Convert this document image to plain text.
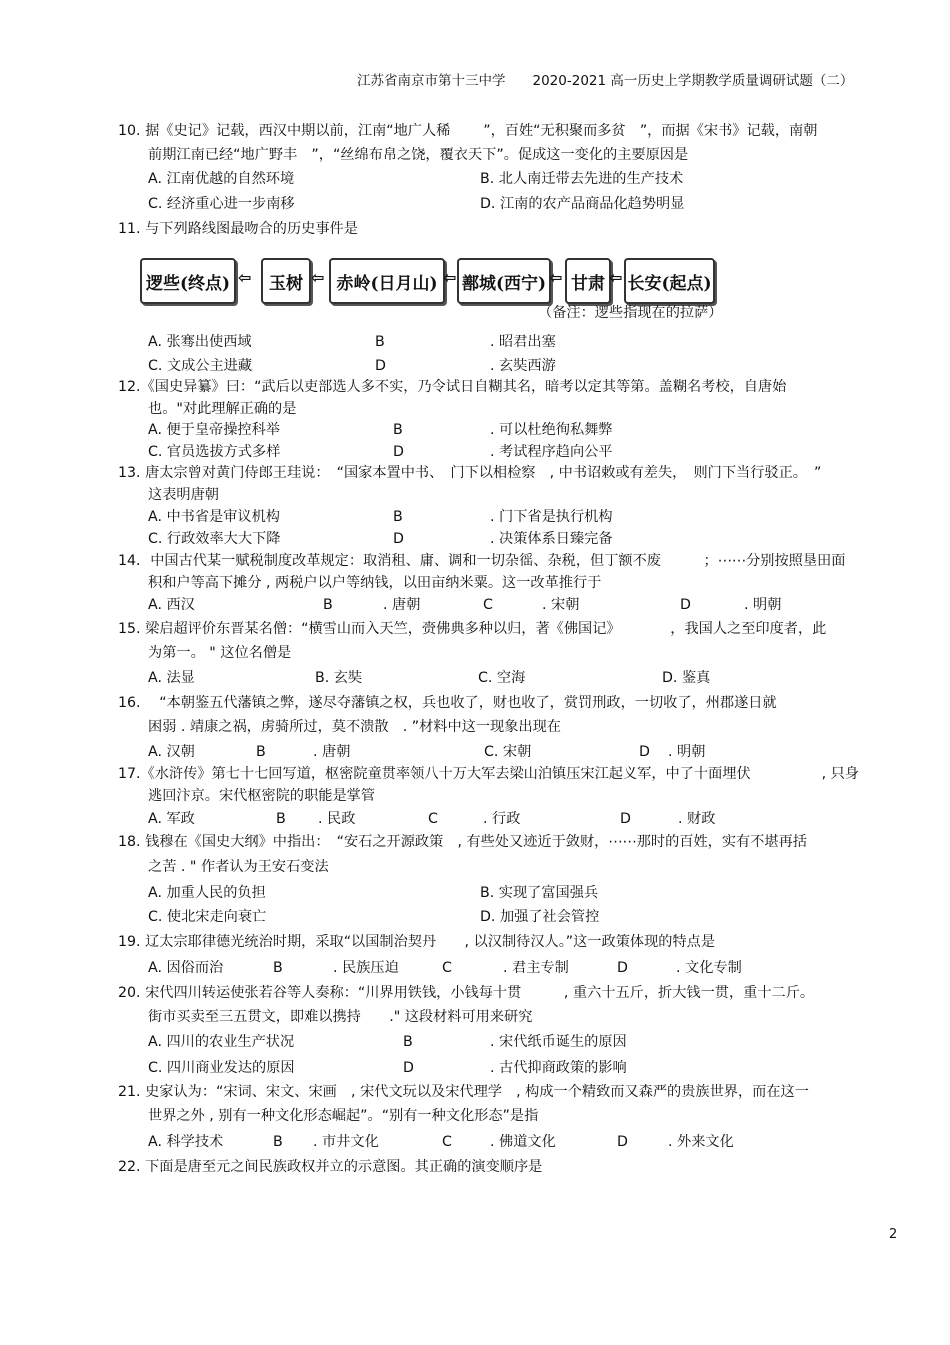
江苏省南京市第十三中学　　2020-2021 高一历史上学期教学质量调研试题（二）
10. 据《史记》记载，西汉中期以前，江南“地广人稀　　 ”，百姓“无积聚而多贫　”，而据《宋书》记载，南朝
前期江南已经“地广野丰　”，“丝绵布帛之饶，覆衣天下”。促成这一变化的主要原因是
A. 江南优越的自然环境	B. 北人南迁带去先进的生产技术
C. 经济重心进一步南移	D. 江南的农产品商品化趋势明显
11. 与下列路线图最吻合的历史事件是
逻些(终点) ⇦	玉树 ⇦ 赤岭(日月山) ⇦ 鄯城(西宁) ⇦ 甘肃 ⇦ 长安(起点)
（备注：逻些指现在的拉萨）
A. 张骞出使西域	B	. 昭君出塞
C. 文成公主进藏	D	. 玄奘西游
12.《国史异纂》曰：“武后以吏部选人多不实，乃令试日自糊其名，暗考以定其等第。盖糊名考校，自唐始
也。"对此理解正确的是
A. 便于皇帝操控科举	B	. 可以杜绝徇私舞弊
C. 官员选拔方式多样	D	. 考试程序趋向公平
13. 唐太宗曾对黄门侍郎王珪说：　“国家本置中书、　门下以相检察　, 中书诏敕或有差失，　则门下当行驳正。　”
这表明唐朝
A. 中书省是审议机构	B	. 门下省是执行机构
C. 行政效率大大下降	D	. 决策体系日臻完备
14．中国古代某一赋税制度改革规定：取消租、庸、调和一切杂徭、杂税，但丁额不废　　　；⋯⋯分别按照垦田面
积和户等高下摊分 , 两税户以户等纳钱，以田亩纳米粟。这一改革推行于
A. 西汉	B	. 唐朝	C	. 宋朝	D	. 明朝
15. 梁启超评价东晋某名僧：“横雪山而入天竺，赍佛典多种以归，著《佛国记》　　　　，我国人之至印度者，此
为第一。 " 这位名僧是
A. 法显	B. 玄奘	C. 空海	D. 鉴真
16.　 “本朝鉴五代藩镇之弊，遂尽夺藩镇之权，兵也收了，财也收了，赏罚刑政，一切收了，州郡遂日就
困弱 . 靖康之祸，虏骑所过，莫不溃散　. ”材料中这一现象出现在
A. 汉朝	B	. 唐朝	C. 宋朝	D . 明朝
17.《水浒传》第七十七回写道，枢密院童贯率领八十万大军去梁山泊镇压宋江起义军，中了十面埋伏　　　　　, 只身
逃回汴京。宋代枢密院的职能是掌管
A. 军政	B . 民政	C	. 行政	D	. 财政
18. 钱穆在《国史大纲》中指出：　“安石之开源政策　, 有些处又迹近于敛财，⋯⋯那时的百姓，实有不堪再括
之苦 . " 作者认为王安石变法
A. 加重人民的负担	B. 实现了富国强兵
C. 使北宋走向衰亡	D. 加强了社会管控
19. 辽太宗耶律德光统治时期，采取“以国制治契丹　　, 以汉制待汉人。”这一政策体现的特点是
A. 因俗而治	B	. 民族压迫	C	. 君主专制	D	. 文化专制
20. 宋代四川转运使张若谷等人奏称：“川界用铁钱，小钱每十贯　　　, 重六十五斤，折大钱一贯，重十二斤。
街市买卖至三五贯文，即难以携持　　." 这段材料可用来研究
A. 四川的农业生产状况	B	. 宋代纸币诞生的原因
C. 四川商业发达的原因	D	. 古代抑商政策的影响
21. 史家认为：“宋词、宋文、宋画　, 宋代文玩以及宋代理学　, 构成一个精致而又森严的贵族世界，而在这一
世界之外 , 别有一种文化形态崛起”。“别有一种文化形态”是指
A. 科学技术	B . 市井文化	C	. 佛道文化	D	. 外来文化
22. 下面是唐至元之间民族政权并立的示意图。其正确的演变顺序是
2
